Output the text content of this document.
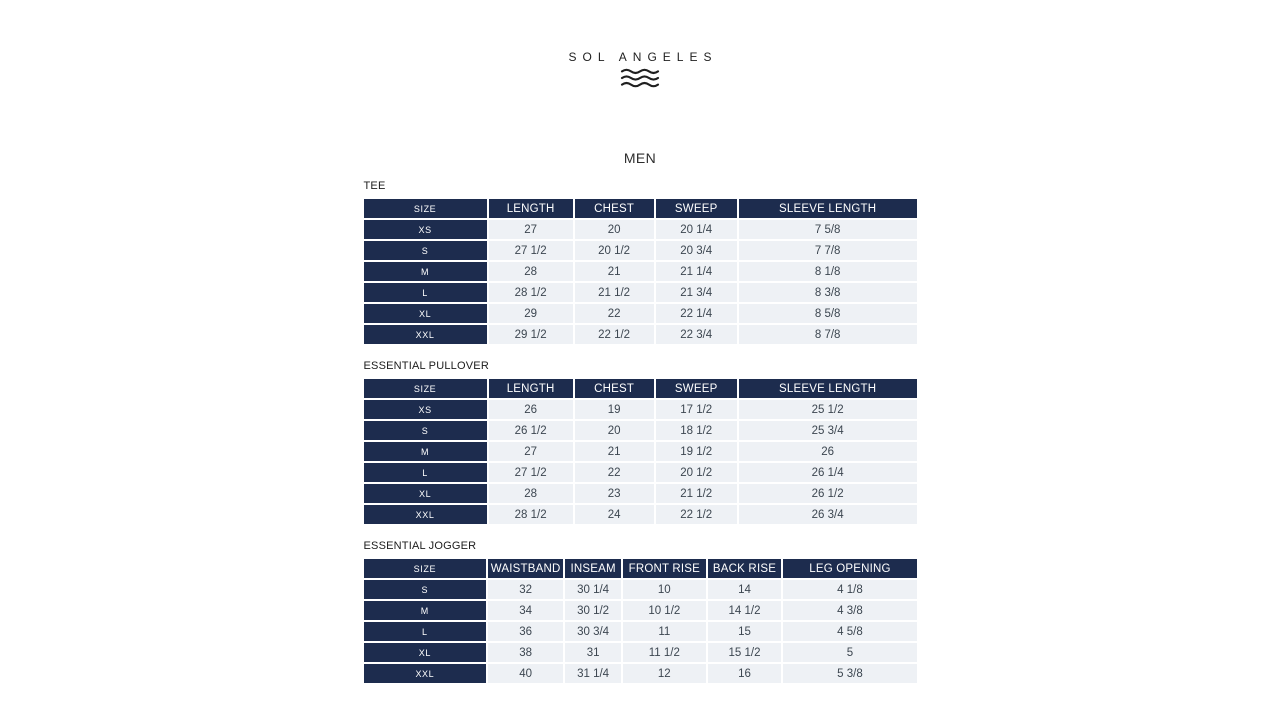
SOL ANGELES
MEN
TEE
SIZE	LENGTH	CHEST	SWEEP	SLEEVE LENGTH
XS	27	20	20 1/4	7 5/8
S	27 1/2	20 1/2	20 3/4	7 7/8
M	28	21	21 1/4	8 1/8
L	28 1/2	21 1/2	21 3/4	8 3/8
XL	29	22	22 1/4	8 5/8
XXL	29 1/2	22 1/2	22 3/4	8 7/8
ESSENTIAL PULLOVER
SIZE	LENGTH	CHEST	SWEEP	SLEEVE LENGTH
XS	26	19	17 1/2	25 1/2
S	26 1/2	20	18 1/2	25 3/4
M	27	21	19 1/2	26
L	27 1/2	22	20 1/2	26 1/4
XL	28	23	21 1/2	26 1/2
XXL	28 1/2	24	22 1/2	26 3/4
ESSENTIAL JOGGER
SIZE	WAISTBAND	INSEAM	FRONT RISE	BACK RISE	LEG OPENING
S	32	30 1/4	10	14	4 1/8
M	34	30 1/2	10 1/2	14 1/2	4 3/8
L	36	30 3/4	11	15	4 5/8
XL	38	31	11 1/2	15 1/2	5
XXL	40	31 1/4	12	16	5 3/8
